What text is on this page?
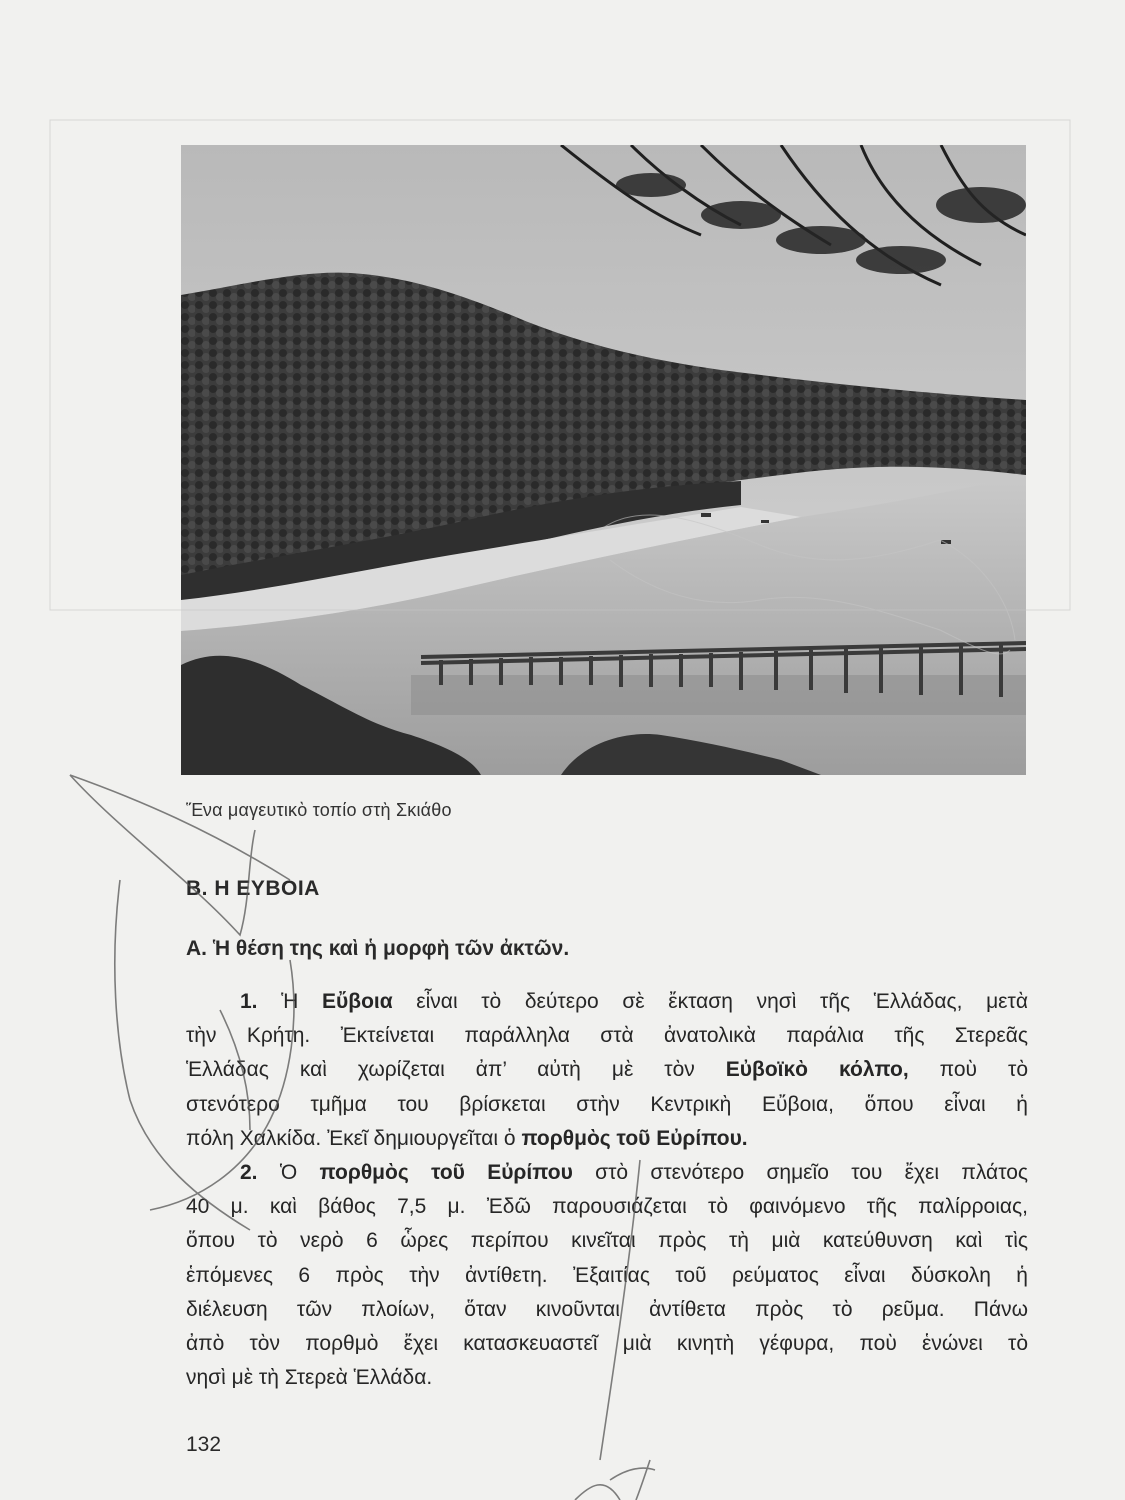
Ἕνα μαγευτικὸ τοπίο στὴ Σκιάθο
Β. Η ΕΥΒΟΙΑ
Α. Ἡ θέση της καὶ ἡ μορφὴ τῶν ἀκτῶν.
1. Ἡ Εὔβοια εἶναι τὸ δεύτερο σὲ ἔκταση νησὶ τῆς Ἑλλάδας, μετὰ
τὴν Κρήτη. Ἐκτείνεται παράλληλα στὰ ἀνατολικὰ παράλια τῆς Στερεᾶς
Ἑλλάδας καὶ χωρίζεται ἀπ’ αὐτὴ μὲ τὸν Εὐβοϊκὸ κόλπο, ποὺ τὸ
στενότερο τμῆμα του βρίσκεται στὴν Κεντρικὴ Εὔβοια, ὅπου εἶναι ἡ
πόλη Χαλκίδα. Ἐκεῖ δημιουργεῖται ὁ πορθμὸς τοῦ Εὐρίπου.
2. Ὁ πορθμὸς τοῦ Εὐρίπου στὸ στενότερο σημεῖο του ἔχει πλάτος
40 μ. καὶ βάθος 7,5 μ. Ἐδῶ παρουσιάζεται τὸ φαινόμενο τῆς παλίρροιας,
ὅπου τὸ νερὸ 6 ὧρες περίπου κινεῖται πρὸς τὴ μιὰ κατεύθυνση καὶ τὶς
ἑπόμενες 6 πρὸς τὴν ἀντίθετη. Ἐξαιτίας τοῦ ρεύματος εἶναι δύσκολη ἡ
διέλευση τῶν πλοίων, ὅταν κινοῦνται ἀντίθετα πρὸς τὸ ρεῦμα. Πάνω
ἀπὸ τὸν πορθμὸ ἔχει κατασκευαστεῖ μιὰ κινητὴ γέφυρα, ποὺ ἑνώνει τὸ
νησὶ μὲ τὴ Στερεὰ Ἑλλάδα.
132
